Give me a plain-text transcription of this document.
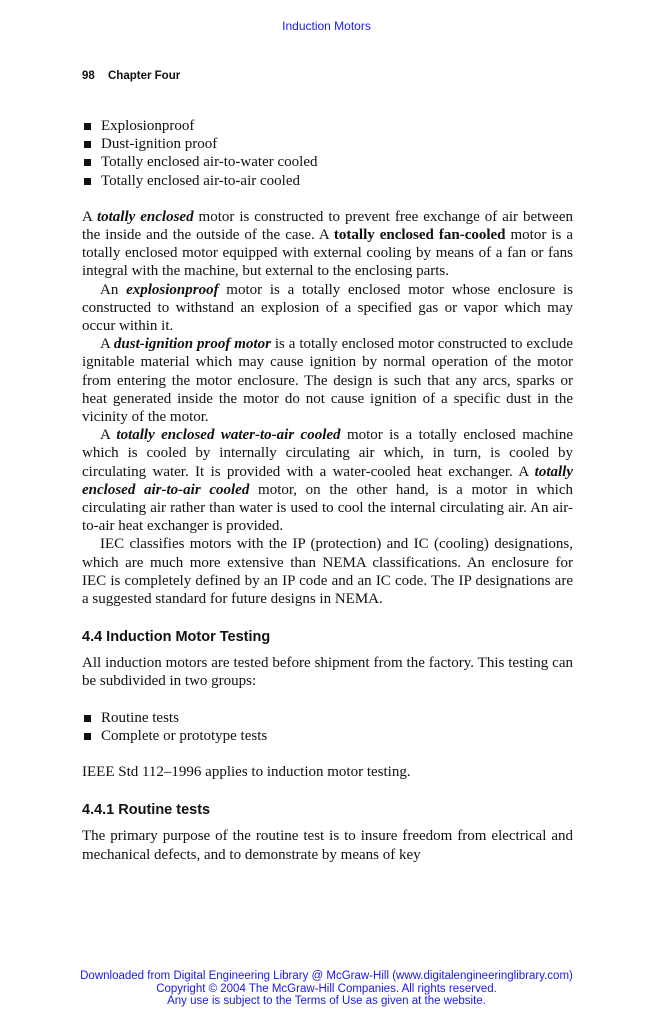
Induction Motors
98 Chapter Four
Explosionproof
Dust-ignition proof
Totally enclosed air-to-water cooled
Totally enclosed air-to-air cooled

A totally enclosed motor is constructed to prevent free exchange of air between the inside and the outside of the case. A totally enclosed fan-cooled motor is a totally enclosed motor equipped with external cooling by means of a fan or fans integral with the machine, but external to the enclosing parts.

An explosionproof motor is a totally enclosed motor whose enclosure is constructed to withstand an explosion of a specified gas or vapor which may occur within it.

A dust-ignition proof motor is a totally enclosed motor constructed to exclude ignitable material which may cause ignition by normal operation of the motor from entering the motor enclosure. The design is such that any arcs, sparks or heat generated inside the motor do not cause ignition of a specific dust in the vicinity of the motor.

A totally enclosed water-to-air cooled motor is a totally enclosed machine which is cooled by internally circulating air which, in turn, is cooled by circulating water. It is provided with a water-cooled heat exchanger. A totally enclosed air-to-air cooled motor, on the other hand, is a motor in which circulating air rather than water is used to cool the internal circulating air. An air-to-air heat exchanger is provided.

IEC classifies motors with the IP (protection) and IC (cooling) designations, which are much more extensive than NEMA classifications. An enclosure for IEC is completely defined by an IP code and an IC code. The IP designations are a suggested standard for future designs in NEMA.

4.4 Induction Motor Testing

All induction motors are tested before shipment from the factory. This testing can be subdivided in two groups:

Routine tests
Complete or prototype tests

IEEE Std 112–1996 applies to induction motor testing.

4.4.1 Routine tests

The primary purpose of the routine test is to insure freedom from electrical and mechanical defects, and to demonstrate by means of key

Downloaded from Digital Engineering Library @ McGraw-Hill (www.digitalengineeringlibrary.com)
Copyright © 2004 The McGraw-Hill Companies. All rights reserved.
Any use is subject to the Terms of Use as given at the website.
